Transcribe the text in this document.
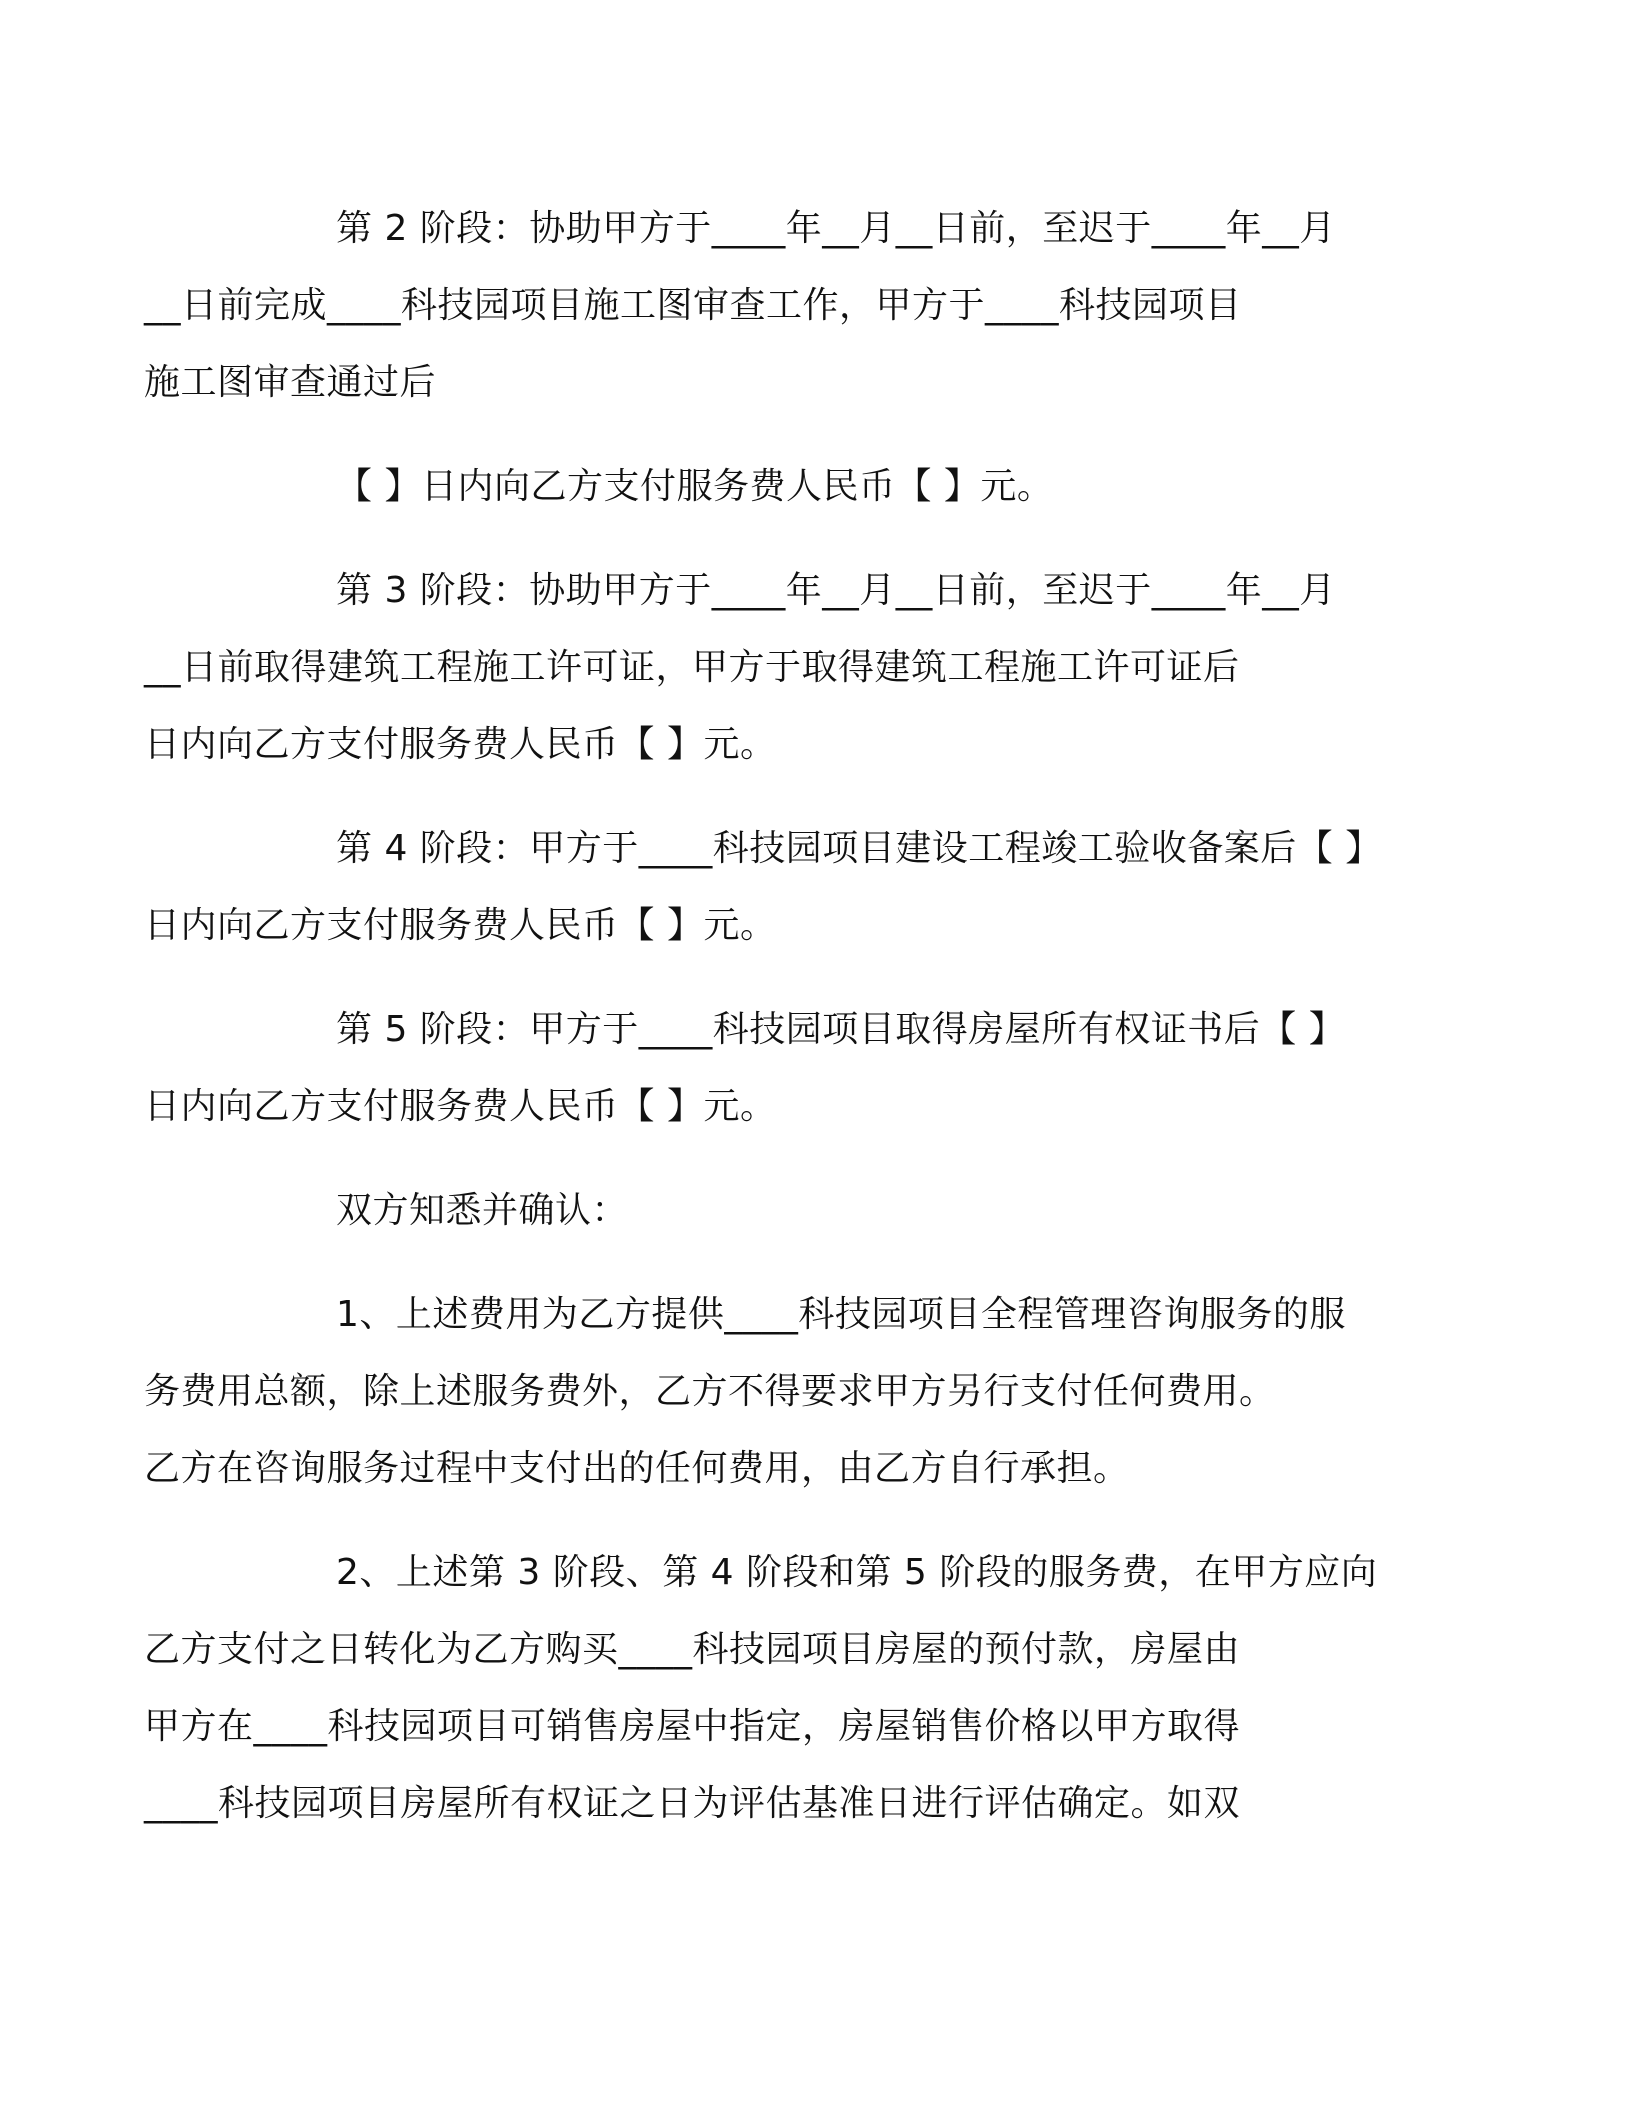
第 2 阶段：协助甲方于____年__月__日前，至迟于____年__月
__日前完成____科技园项目施工图审查工作，甲方于____科技园项目
施工图审查通过后

【 】日内向乙方支付服务费人民币【 】元。

第 3 阶段：协助甲方于____年__月__日前，至迟于____年__月
__日前取得建筑工程施工许可证，甲方于取得建筑工程施工许可证后
日内向乙方支付服务费人民币【 】元。

第 4 阶段：甲方于____科技园项目建设工程竣工验收备案后【 】
日内向乙方支付服务费人民币【 】元。

第 5 阶段：甲方于____科技园项目取得房屋所有权证书后【 】
日内向乙方支付服务费人民币【 】元。

双方知悉并确认：

1、上述费用为乙方提供____科技园项目全程管理咨询服务的服
务费用总额，除上述服务费外，乙方不得要求甲方另行支付任何费用。
乙方在咨询服务过程中支付出的任何费用，由乙方自行承担。

2、上述第 3 阶段、第 4 阶段和第 5 阶段的服务费，在甲方应向
乙方支付之日转化为乙方购买____科技园项目房屋的预付款，房屋由
甲方在____科技园项目可销售房屋中指定，房屋销售价格以甲方取得
____科技园项目房屋所有权证之日为评估基准日进行评估确定。如双
